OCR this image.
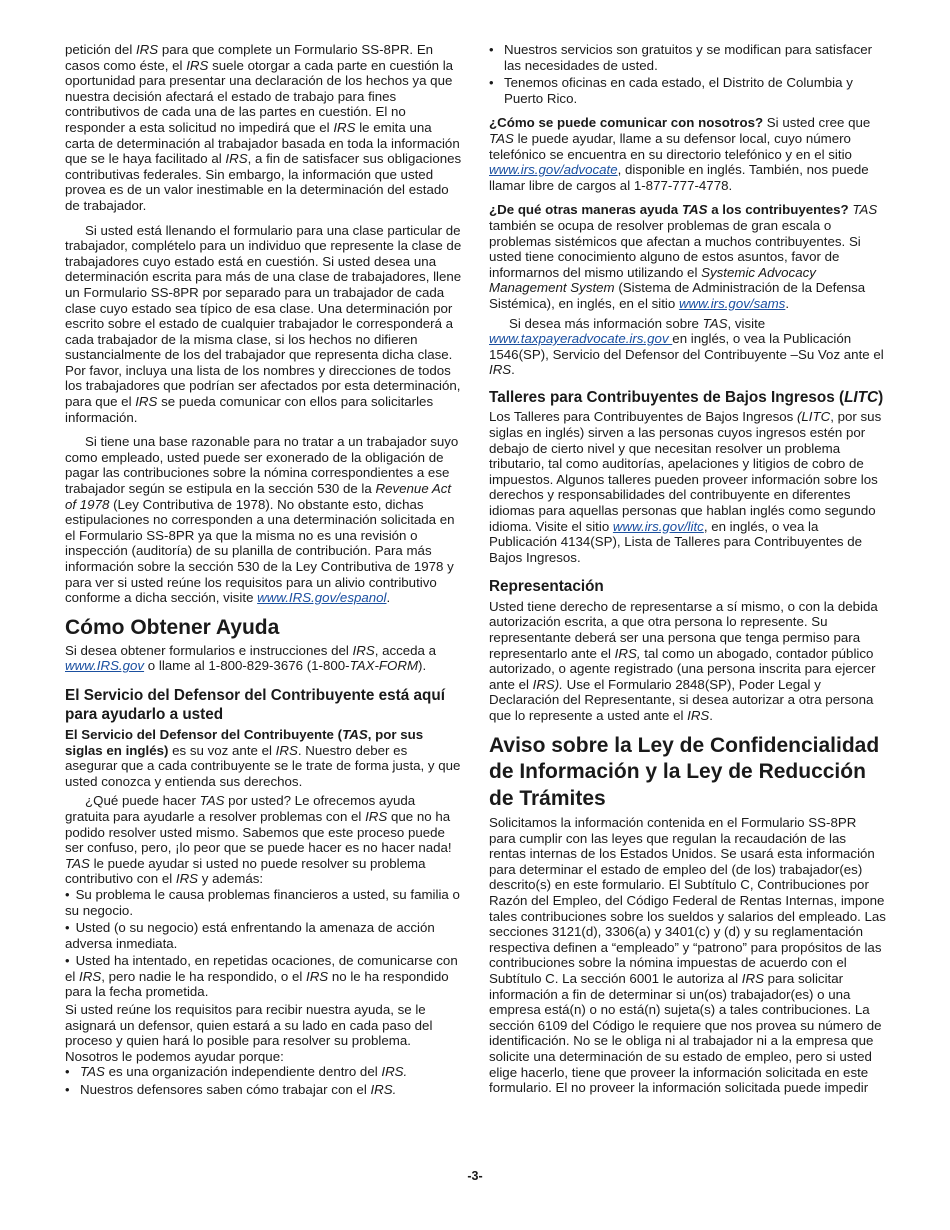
petición del IRS para que complete un Formulario SS-8PR. En casos como éste, el IRS suele otorgar a cada parte en cuestión la oportunidad para presentar una declaración de los hechos ya que nuestra decisión afectará el estado de trabajo para fines contributivos de cada una de las partes en cuestión. El no responder a esta solicitud no impedirá que el IRS le emita una carta de determinación al trabajador basada en toda la información que se le haya facilitado al IRS, a fin de satisfacer sus obligaciones contributivas federales. Sin embargo, la información que usted provea es de un valor inestimable en la determinación del estado de trabajador.

Si usted está llenando el formulario para una clase particular de trabajador, complételo para un individuo que represente la clase de trabajadores cuyo estado está en cuestión. Si usted desea una determinación escrita para más de una clase de trabajadores, llene un Formulario SS-8PR por separado para un trabajador de cada clase cuyo estado sea típico de esa clase. Una determinación por escrito sobre el estado de cualquier trabajador le corresponderá a cada trabajador de la misma clase, si los hechos no difieren sustancialmente de los del trabajador que representa dicha clase. Por favor, incluya una lista de los nombres y direcciones de todos los trabajadores que podrían ser afectados por esta determinación, para que el IRS se pueda comunicar con ellos para solicitarles información.

Si tiene una base razonable para no tratar a un trabajador suyo como empleado, usted puede ser exonerado de la obligación de pagar las contribuciones sobre la nómina correspondientes a ese trabajador según se estipula en la sección 530 de la Revenue Act of 1978 (Ley Contributiva de 1978). No obstante esto, dichas estipulaciones no corresponden a una determinación solicitada en el Formulario SS-8PR ya que la misma no es una revisión o inspección (auditoría) de su planilla de contribución. Para más información sobre la sección 530 de la Ley Contributiva de 1978 y para ver si usted reúne los requisitos para un alivio contributivo conforme a dicha sección, visite www.IRS.gov/espanol.

Cómo Obtener Ayuda

Si desea obtener formularios e instrucciones del IRS, acceda a www.IRS.gov o llame al 1-800-829-3676 (1-800-TAX-FORM).

El Servicio del Defensor del Contribuyente está aquí para ayudarlo a usted

El Servicio del Defensor del Contribuyente (TAS, por sus siglas en inglés) es su voz ante el IRS. Nuestro deber es asegurar que a cada contribuyente se le trate de forma justa, y que usted conozca y entienda sus derechos.

¿Qué puede hacer TAS por usted? Le ofrecemos ayuda gratuita para ayudarle a resolver problemas con el IRS que no ha podido resolver usted mismo. Sabemos que este proceso puede ser confuso, pero, ¡lo peor que se puede hacer es no hacer nada! TAS le puede ayudar si usted no puede resolver su problema contributivo con el IRS y además:

• Su problema le causa problemas financieros a usted, su familia o su negocio.
• Usted (o su negocio) está enfrentando la amenaza de acción adversa inmediata.
• Usted ha intentado, en repetidas ocaciones, de comunicarse con el IRS, pero nadie le ha respondido, o el IRS no le ha respondido para la fecha prometida.

Si usted reúne los requisitos para recibir nuestra ayuda, se le asignará un defensor, quien estará a su lado en cada paso del proceso y quien hará lo posible para resolver su problema. Nosotros le podemos ayudar porque:

• TAS es una organización independiente dentro del IRS.
• Nuestros defensores saben cómo trabajar con el IRS.
• Nuestros servicios son gratuitos y se modifican para satisfacer las necesidades de usted.
• Tenemos oficinas en cada estado, el Distrito de Columbia y Puerto Rico.

¿Cómo se puede comunicar con nosotros? Si usted cree que TAS le puede ayudar, llame a su defensor local, cuyo número telefónico se encuentra en su directorio telefónico y en el sitio www.irs.gov/advocate, disponible en inglés. También, nos puede llamar libre de cargos al 1-877-777-4778.

¿De qué otras maneras ayuda TAS a los contribuyentes? TAS también se ocupa de resolver problemas de gran escala o problemas sistémicos que afectan a muchos contribuyentes. Si usted tiene conocimiento alguno de estos asuntos, favor de informarnos del mismo utilizando el Systemic Advocacy Management System (Sistema de Administración de la Defensa Sistémica), en inglés, en el sitio www.irs.gov/sams.

Si desea más información sobre TAS, visite www.taxpayeradvocate.irs.gov en inglés, o vea la Publicación 1546(SP), Servicio del Defensor del Contribuyente –Su Voz ante el IRS.

Talleres para Contribuyentes de Bajos Ingresos (LITC)

Los Talleres para Contribuyentes de Bajos Ingresos (LITC, por sus siglas en inglés) sirven a las personas cuyos ingresos estén por debajo de cierto nivel y que necesitan resolver un problema tributario, tal como auditorías, apelaciones y litigios de cobro de impuestos. Algunos talleres pueden proveer información sobre los derechos y responsabilidades del contribuyente en diferentes idiomas para aquellas personas que hablan inglés como segundo idioma. Visite el sitio www.irs.gov/litc, en inglés, o vea la Publicación 4134(SP), Lista de Talleres para Contribuyentes de Bajos Ingresos.

Representación

Usted tiene derecho de representarse a sí mismo, o con la debida autorización escrita, a que otra persona lo represente. Su representante deberá ser una persona que tenga permiso para representarlo ante el IRS, tal como un abogado, contador público autorizado, o agente registrado (una persona inscrita para ejercer ante el IRS). Use el Formulario 2848(SP), Poder Legal y Declaración del Representante, si desea autorizar a otra persona que lo represente a usted ante el IRS.

Aviso sobre la Ley de Confidencialidad de Información y la Ley de Reducción de Trámites

Solicitamos la información contenida en el Formulario SS-8PR para cumplir con las leyes que regulan la recaudación de las rentas internas de los Estados Unidos. Se usará esta información para determinar el estado de empleo del (de los) trabajador(es) descrito(s) en este formulario. El Subtítulo C, Contribuciones por Razón del Empleo, del Código Federal de Rentas Internas, impone tales contribuciones sobre los sueldos y salarios del empleado. Las secciones 3121(d), 3306(a) y 3401(c) y (d) y su reglamentación respectiva definen a “empleado” y “patrono” para propósitos de las contribuciones sobre la nómina impuestas de acuerdo con el Subtítulo C. La sección 6001 le autoriza al IRS para solicitar información a fin de determinar si un(os) trabajador(es) o una empresa está(n) o no está(n) sujeta(s) a tales contribuciones. La sección 6109 del Código le requiere que nos provea su número de identificación. No se le obliga ni al trabajador ni a la empresa que solicite una determinación de su estado de empleo, pero si usted elige hacerlo, tiene que proveer la información solicitada en este formulario. El no proveer la información solicitada puede impedir

-3-
